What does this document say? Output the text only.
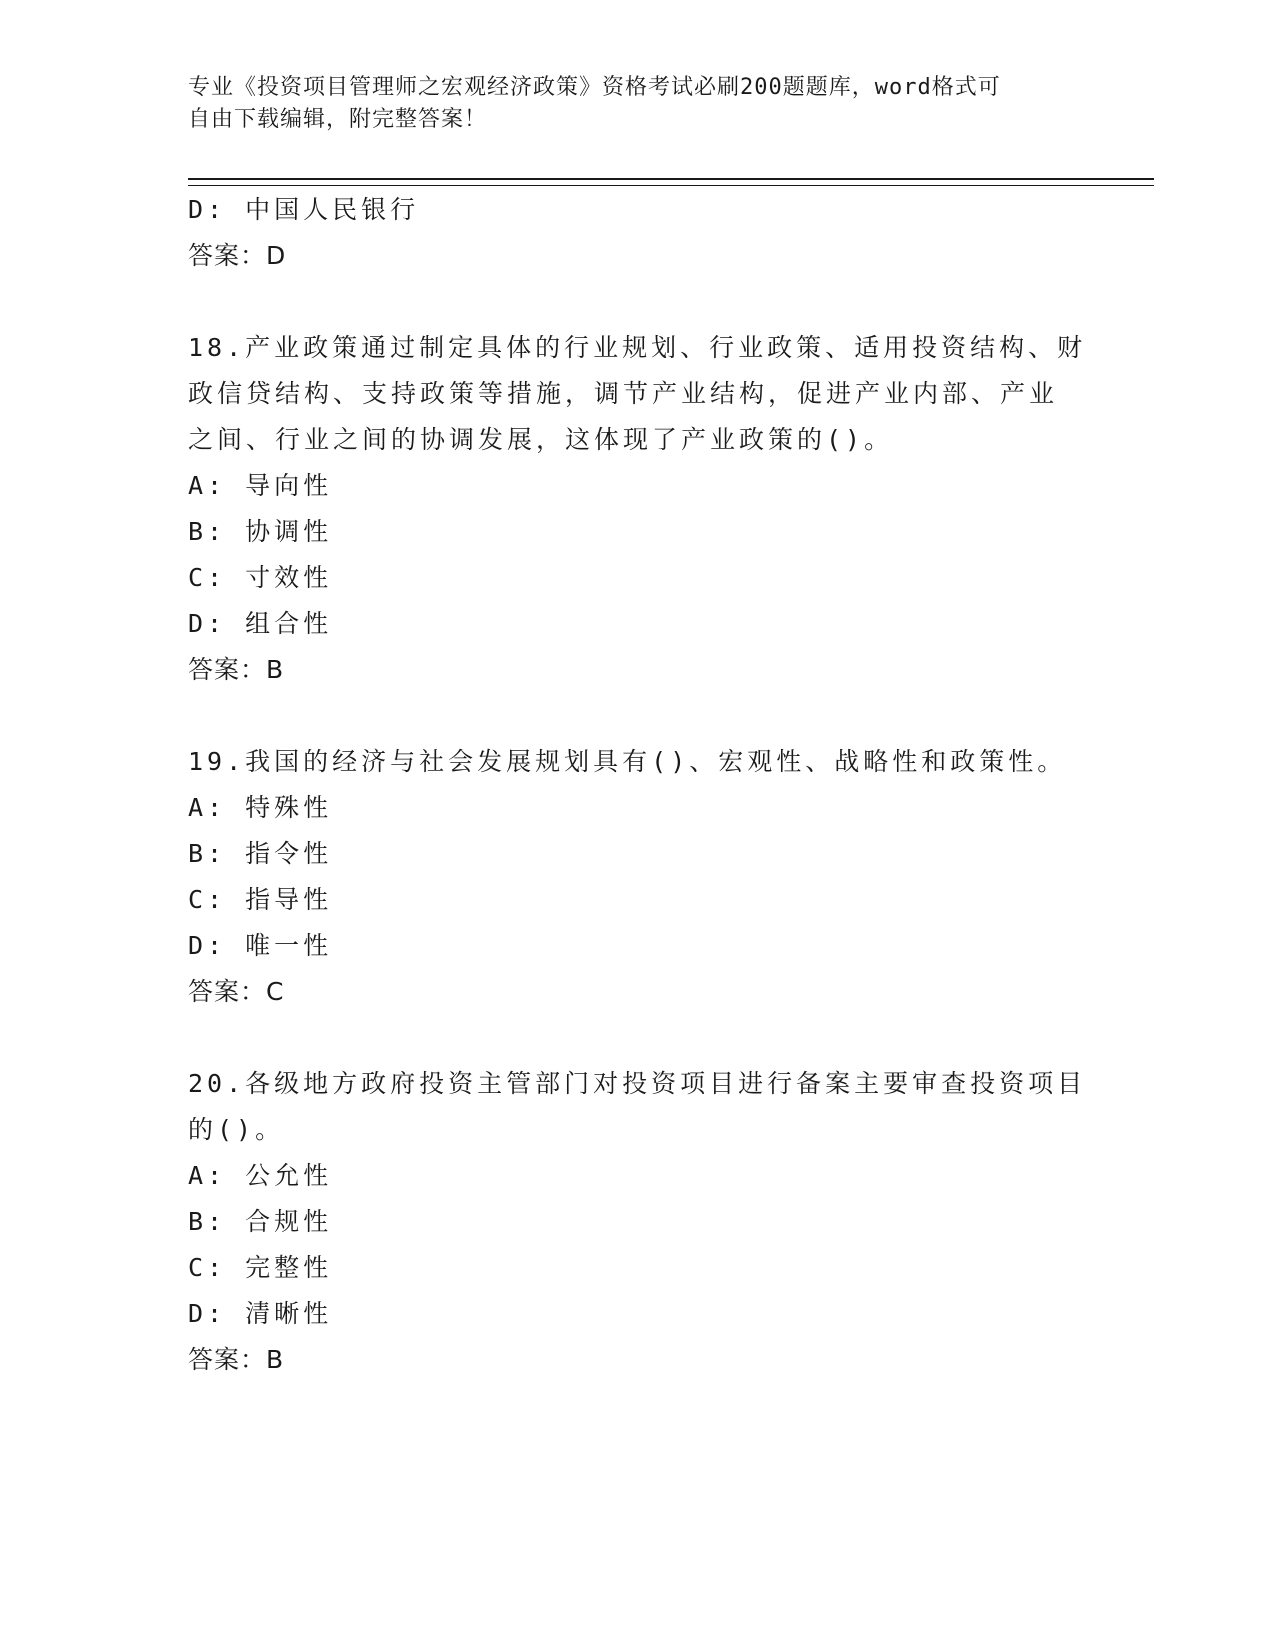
专业《投资项目管理师之宏观经济政策》资格考试必刷200题题库，word格式可
自由下载编辑，附完整答案！
D: 中国人民银行
答案：D
18.产业政策通过制定具体的行业规划、行业政策、适用投资结构、财
政信贷结构、支持政策等措施，调节产业结构，促进产业内部、产业
之间、行业之间的协调发展，这体现了产业政策的()。
A: 导向性
B: 协调性
C: 寸效性
D: 组合性
答案：B
19.我国的经济与社会发展规划具有()、宏观性、战略性和政策性。
A: 特殊性
B: 指令性
C: 指导性
D: 唯一性
答案：C
20.各级地方政府投资主管部门对投资项目进行备案主要审查投资项目
的()。
A: 公允性
B: 合规性
C: 完整性
D: 清晰性
答案：B
